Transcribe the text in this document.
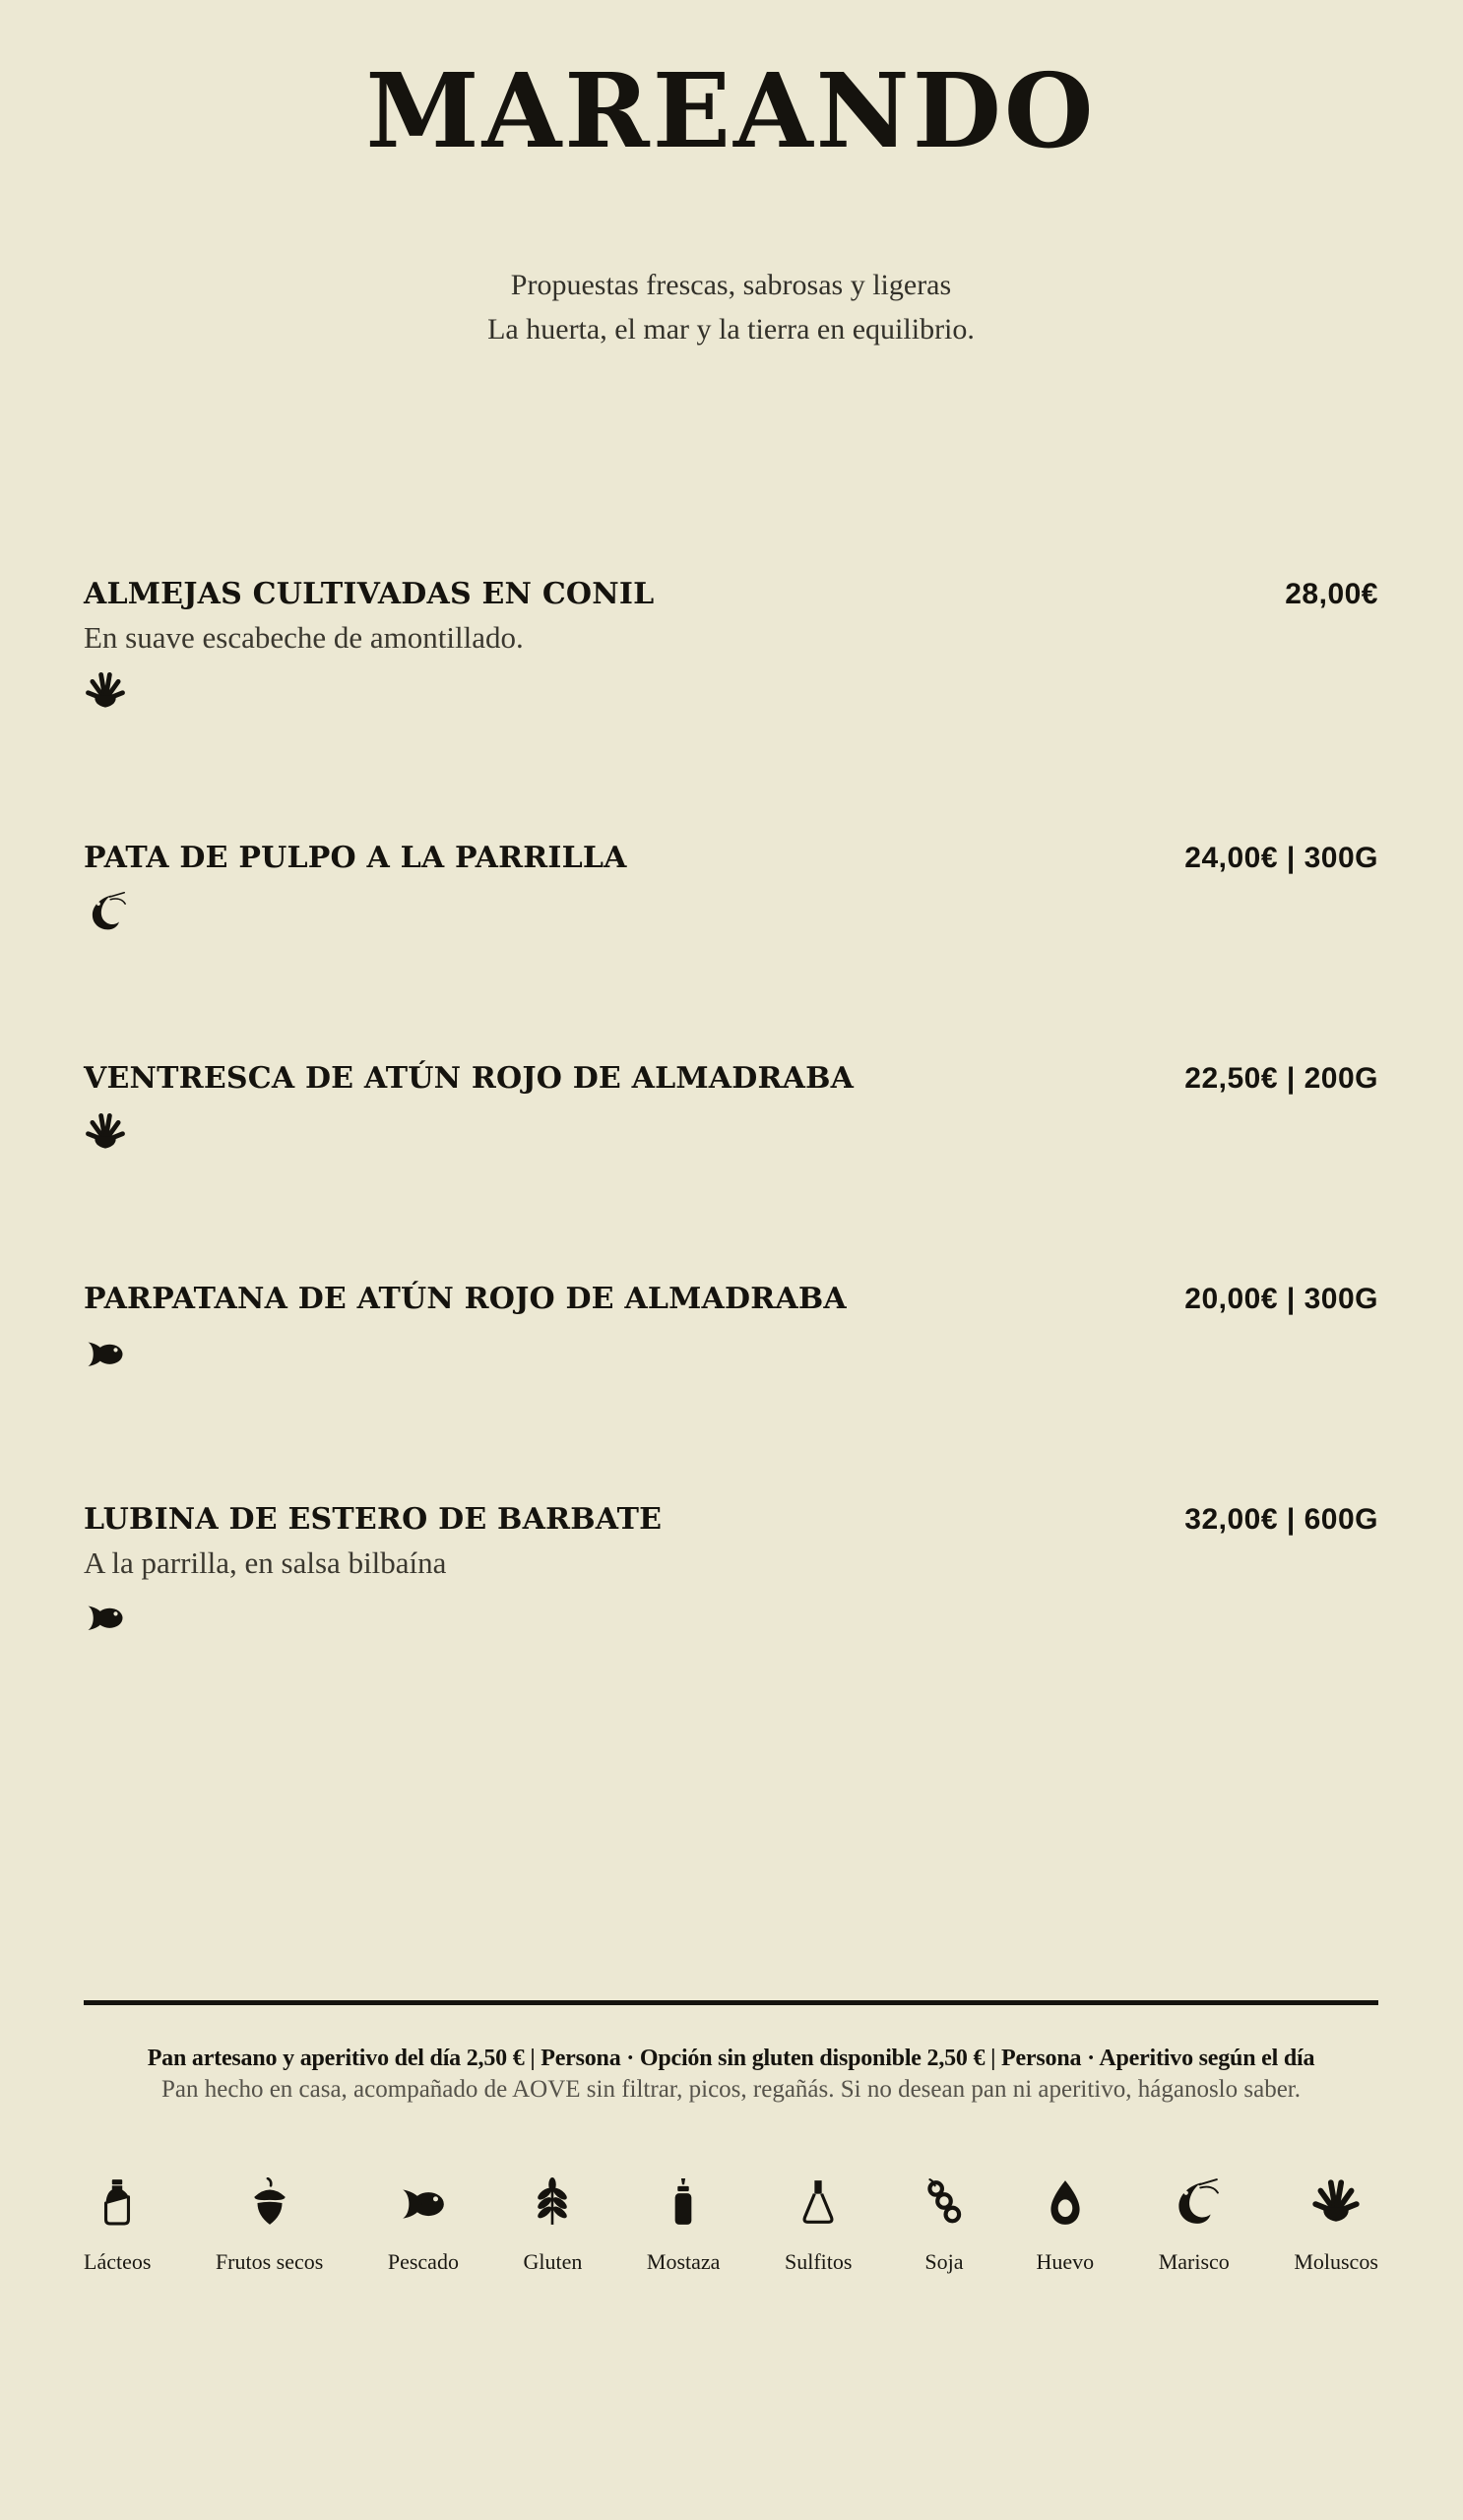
MAREANDO

Propuestas frescas, sabrosas y ligeras
La huerta, el mar y la tierra en equilibrio.

ALMEJAS CULTIVADAS EN CONIL	28,00€

En suave escabeche de amontillado.

PATA DE PULPO A LA PARRILLA	24,00€ | 300G
VENTRESCA DE ATÚN ROJO DE ALMADRABA	22,50€ | 200G
PARPATANA DE ATÚN ROJO DE ALMADRABA	20,00€ | 300G
LUBINA DE ESTERO DE BARBATE	32,00€ | 600G

A la parrilla, en salsa bilbaína

Pan artesano y aperitivo del día 2,50 € | Persona · Opción sin gluten disponible 2,50 € | Persona · Aperitivo según el día

Pan hecho en casa, acompañado de AOVE sin filtrar, picos, regañás. Si no desean pan ni aperitivo, háganoslo saber.

Lácteos	Frutos secos	Pescado	Gluten	Mostaza	Sulfitos	Soja	Huevo	Marisco	Moluscos
